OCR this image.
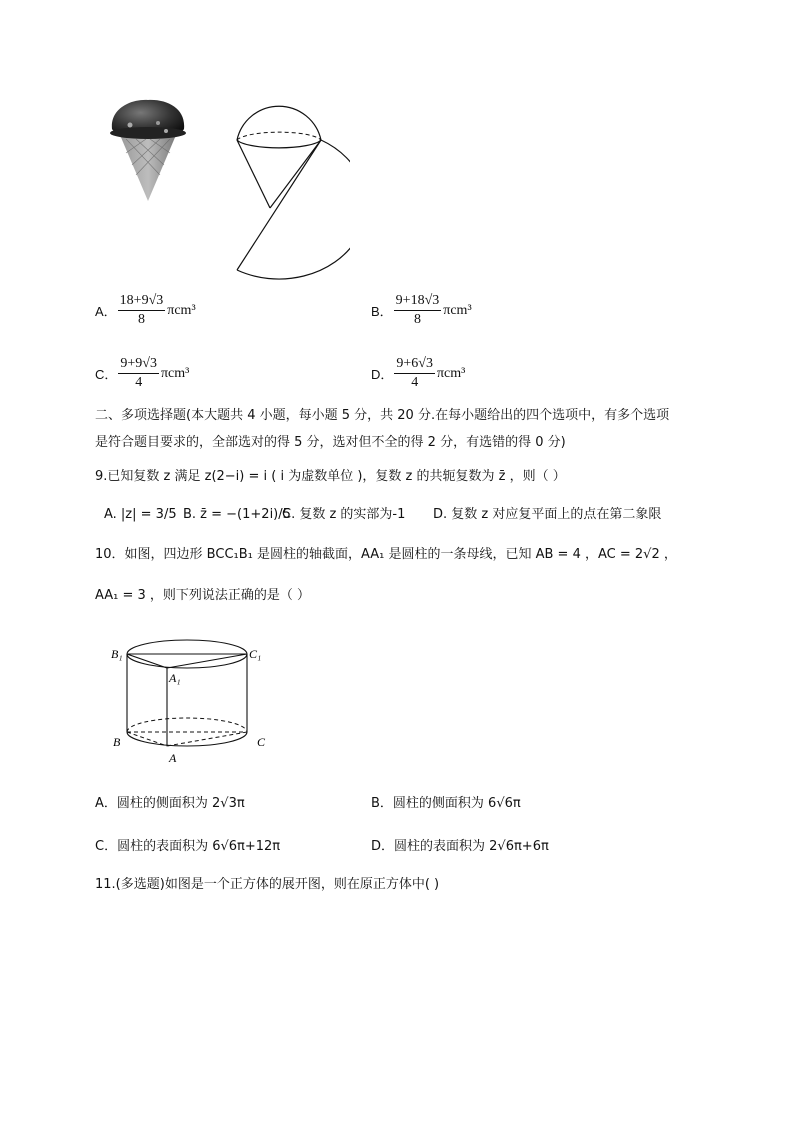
A． $\frac{18+9√3}{8} \pi cm^3$	B． $\frac{9+18√3}{8} \pi cm^3$
C． $\frac{9+9√3}{4} \pi cm^3$	D． $\frac{9+6√3}{4} \pi cm^3$
二、多项选择题(本大题共 4 小题，每小题 5 分，共 20 分.在每小题给出的四个选项中，有多个选项
是符合题目要求的，全部选对的得 5 分，选对但不全的得 2 分，有选错的得 0 分)
9.已知复数 z 满足 z(2−i) = i ( i 为虚数单位 )，复数 z 的共轭复数为 z̄ ，则（ ）
A. |z| = 3/5 B. z̄ = −(1+2i)/5
C. 复数 z 的实部为-1 D. 复数 z 对应复平面上的点在第二象限
10．如图，四边形 BCC₁B₁ 是圆柱的轴截面，AA₁ 是圆柱的一条母线，已知 AB = 4 ，AC = 2√2 ，
AA₁ = 3 ，则下列说法正确的是（ ）
B₁	C₁
A₁
B	C
A
A．圆柱的侧面积为 2√3π	B．圆柱的侧面积为 6√6π
C．圆柱的表面积为 6√6π+12π	D．圆柱的表面积为 2√6π+6π
11.(多选题)如图是一个正方体的展开图，则在原正方体中( )
